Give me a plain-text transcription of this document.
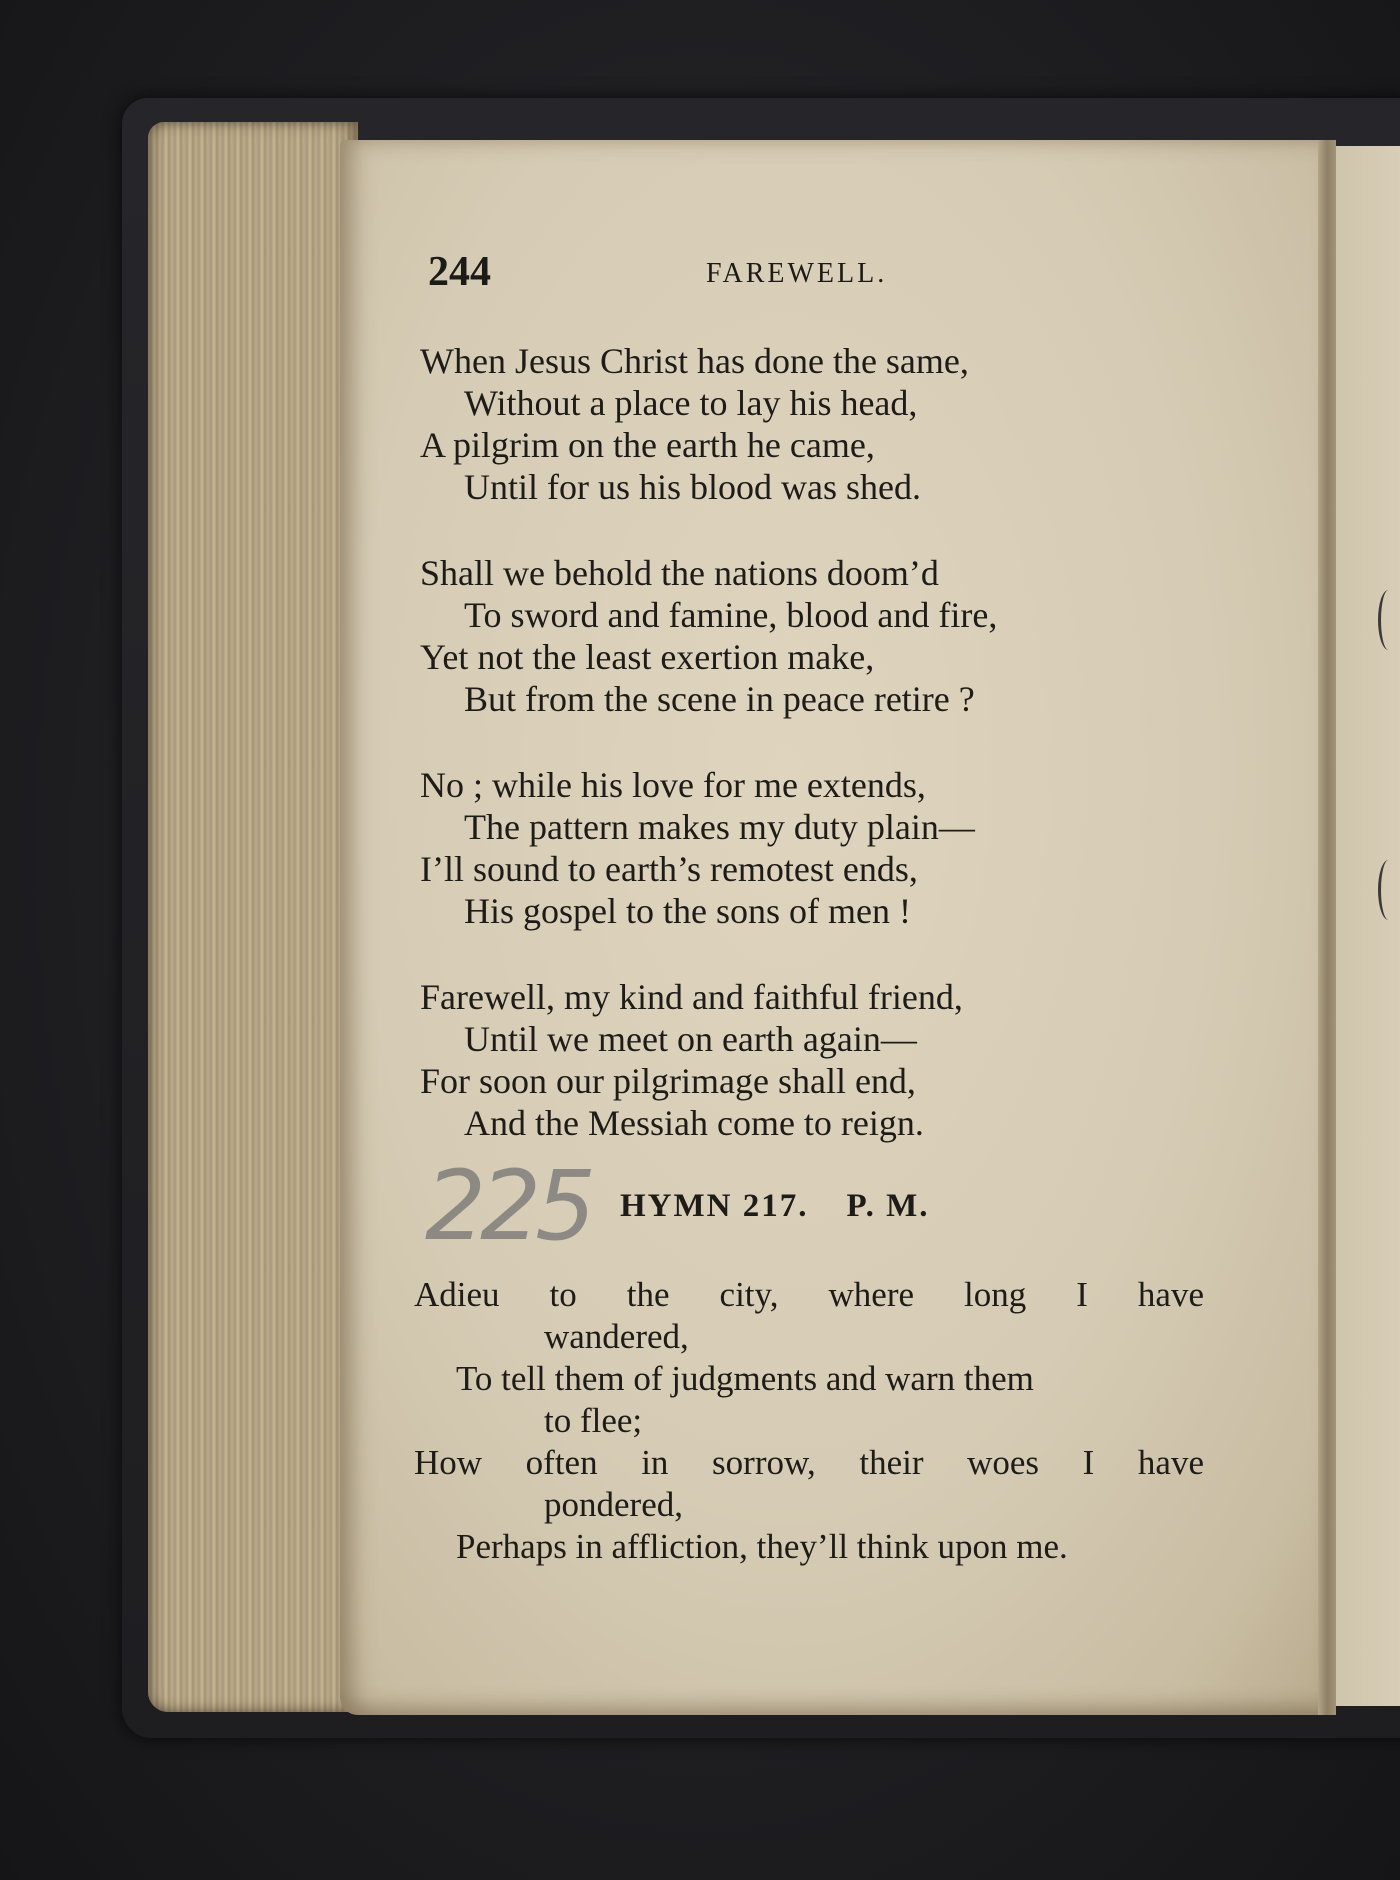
244	FAREWELL.
When Jesus Christ has done the same,
Without a place to lay his head,
A pilgrim on the earth he came,
Until for us his blood was shed.
Shall we behold the nations doom’d
To sword and famine, blood and fire,
Yet not the least exertion make,
But from the scene in peace retire ?
No ; while his love for me extends,
The pattern makes my duty plain—
I’ll sound to earth’s remotest ends,
His gospel to the sons of men !
Farewell, my kind and faithful friend,
Until we meet on earth again—
For soon our pilgrimage shall end,
And the Messiah come to reign.
225 HYMN 217. P. M.
Adieu to the city, where long I have
wandered,
To tell them of judgments and warn them
to flee;
How often in sorrow, their woes I have
pondered,
Perhaps in affliction, they’ll think upon me.
